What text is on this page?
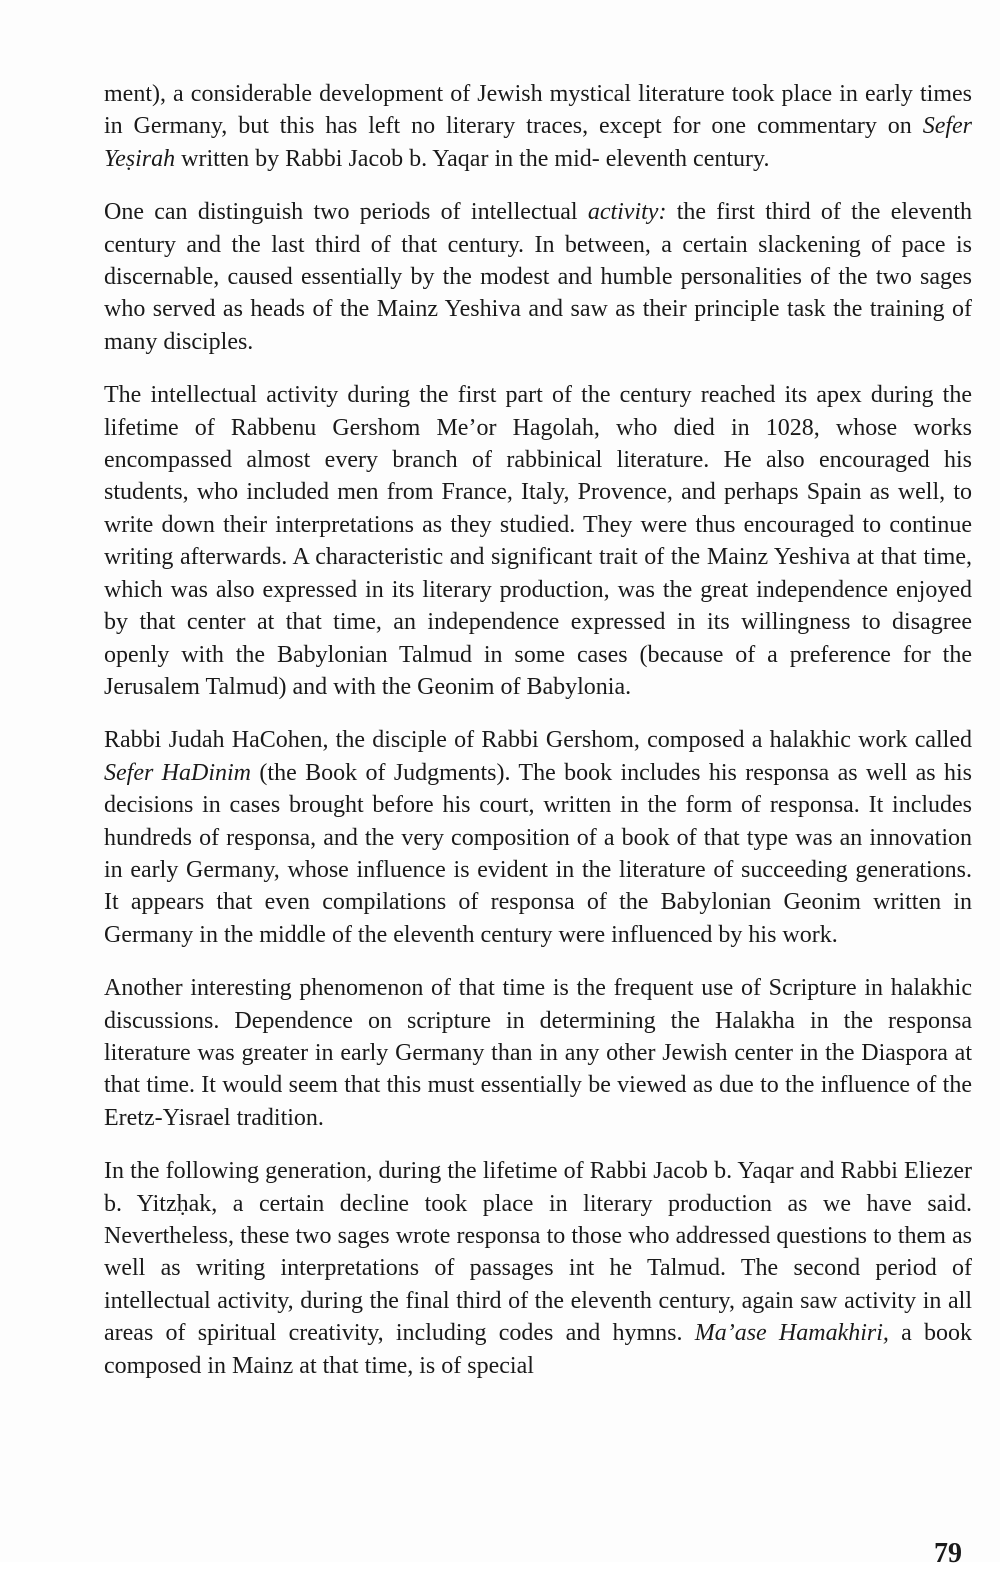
ment), a considerable development of Jewish mystical literature took place in early times in Germany, but this has left no literary traces, except for one commentary on Sefer Yeṣirah written by Rabbi Jacob b. Yaqar in the mid- eleventh century.

One can distinguish two periods of intellectual activity: the first third of the eleventh century and the last third of that century. In between, a certain slackening of pace is discernable, caused essentially by the modest and humble personalities of the two sages who served as heads of the Mainz Yeshiva and saw as their principle task the training of many disciples.

The intellectual activity during the first part of the century reached its apex during the lifetime of Rabbenu Gershom Me’or Hagolah, who died in 1028, whose works encompassed almost every branch of rabbinical literature. He also encouraged his students, who included men from France, Italy, Provence, and perhaps Spain as well, to write down their interpretations as they studied. They were thus encouraged to continue writing afterwards. A characteristic and significant trait of the Mainz Yeshiva at that time, which was also expressed in its literary production, was the great independence enjoyed by that center at that time, an independence expressed in its willingness to disagree openly with the Babylonian Talmud in some cases (because of a preference for the Jerusalem Talmud) and with the Geonim of Babylonia.

Rabbi Judah HaCohen, the disciple of Rabbi Gershom, composed a halakhic work called Sefer HaDinim (the Book of Judgments). The book includes his responsa as well as his decisions in cases brought before his court, written in the form of responsa. It includes hundreds of responsa, and the very composition of a book of that type was an innovation in early Germany, whose influence is evident in the literature of succeeding generations. It appears that even compilations of responsa of the Babylonian Geonim written in Germany in the middle of the eleventh century were influenced by his work.

Another interesting phenomenon of that time is the frequent use of Scripture in halakhic discussions. Dependence on scripture in determining the Halakha in the responsa literature was greater in early Germany than in any other Jewish center in the Diaspora at that time. It would seem that this must essentially be viewed as due to the influence of the Eretz-Yisrael tradition.

In the following generation, during the lifetime of Rabbi Jacob b. Yaqar and Rabbi Eliezer b. Yitzḥak, a certain decline took place in literary production as we have said. Nevertheless, these two sages wrote responsa to those who addressed questions to them as well as writing interpretations of passages int he Talmud. The second period of intellectual activity, during the final third of the eleventh century, again saw activity in all areas of spiritual creativity, including codes and hymns. Ma’ase Hamakhiri, a book composed in Mainz at that time, is of special

79
